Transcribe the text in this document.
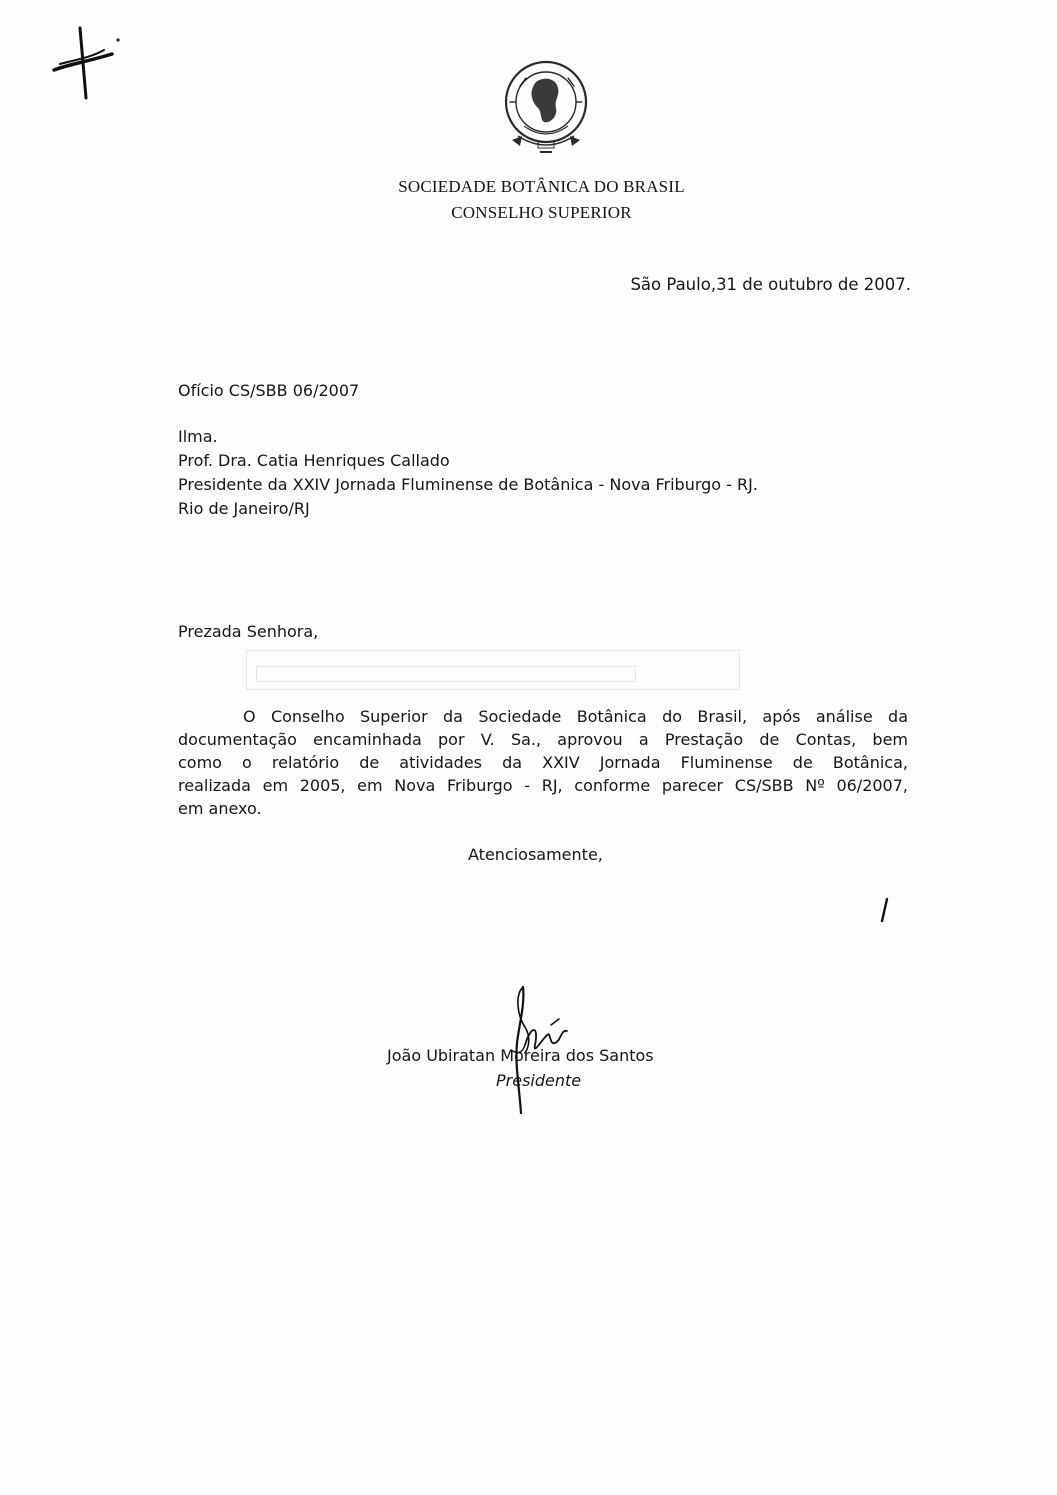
SOCIEDADE BOTÂNICA DO BRASIL
CONSELHO SUPERIOR
São Paulo,31 de outubro de 2007.
Ofício CS/SBB 06/2007
Ilma.
Prof. Dra. Catia Henriques Callado
Presidente da XXIV Jornada Fluminense de Botânica - Nova Friburgo - RJ.
Rio de Janeiro/RJ
Prezada Senhora,
O Conselho Superior da Sociedade Botânica do Brasil, após análise da
documentação encaminhada por V. Sa., aprovou a Prestação de Contas, bem
como o relatório de atividades da XXIV Jornada Fluminense de Botânica,
realizada em 2005, em Nova Friburgo - RJ, conforme parecer CS/SBB Nº 06/2007,
em anexo.
Atenciosamente,
João Ubiratan Moreira dos Santos
Presidente
